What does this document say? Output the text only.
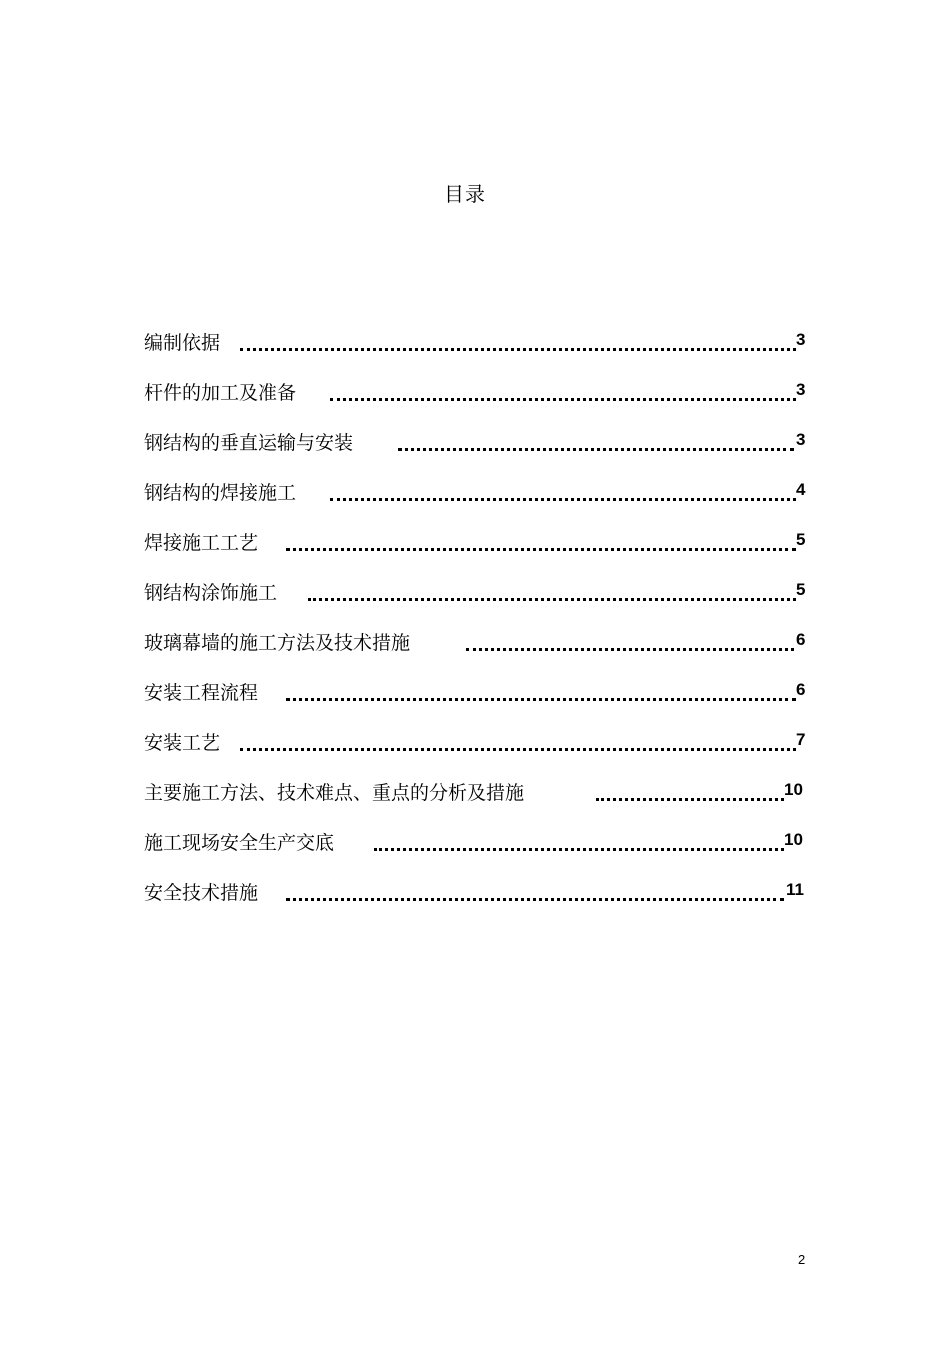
目录
编制依据	3
杆件的加工及准备	3
钢结构的垂直运输与安装	3
钢结构的焊接施工	4
焊接施工工艺	5
钢结构涂饰施工	5
玻璃幕墙的施工方法及技术措施	6
安装工程流程	6
安装工艺	7
主要施工方法、技术难点、重点的分析及措施	10
施工现场安全生产交底	10
安全技术措施	11
2
